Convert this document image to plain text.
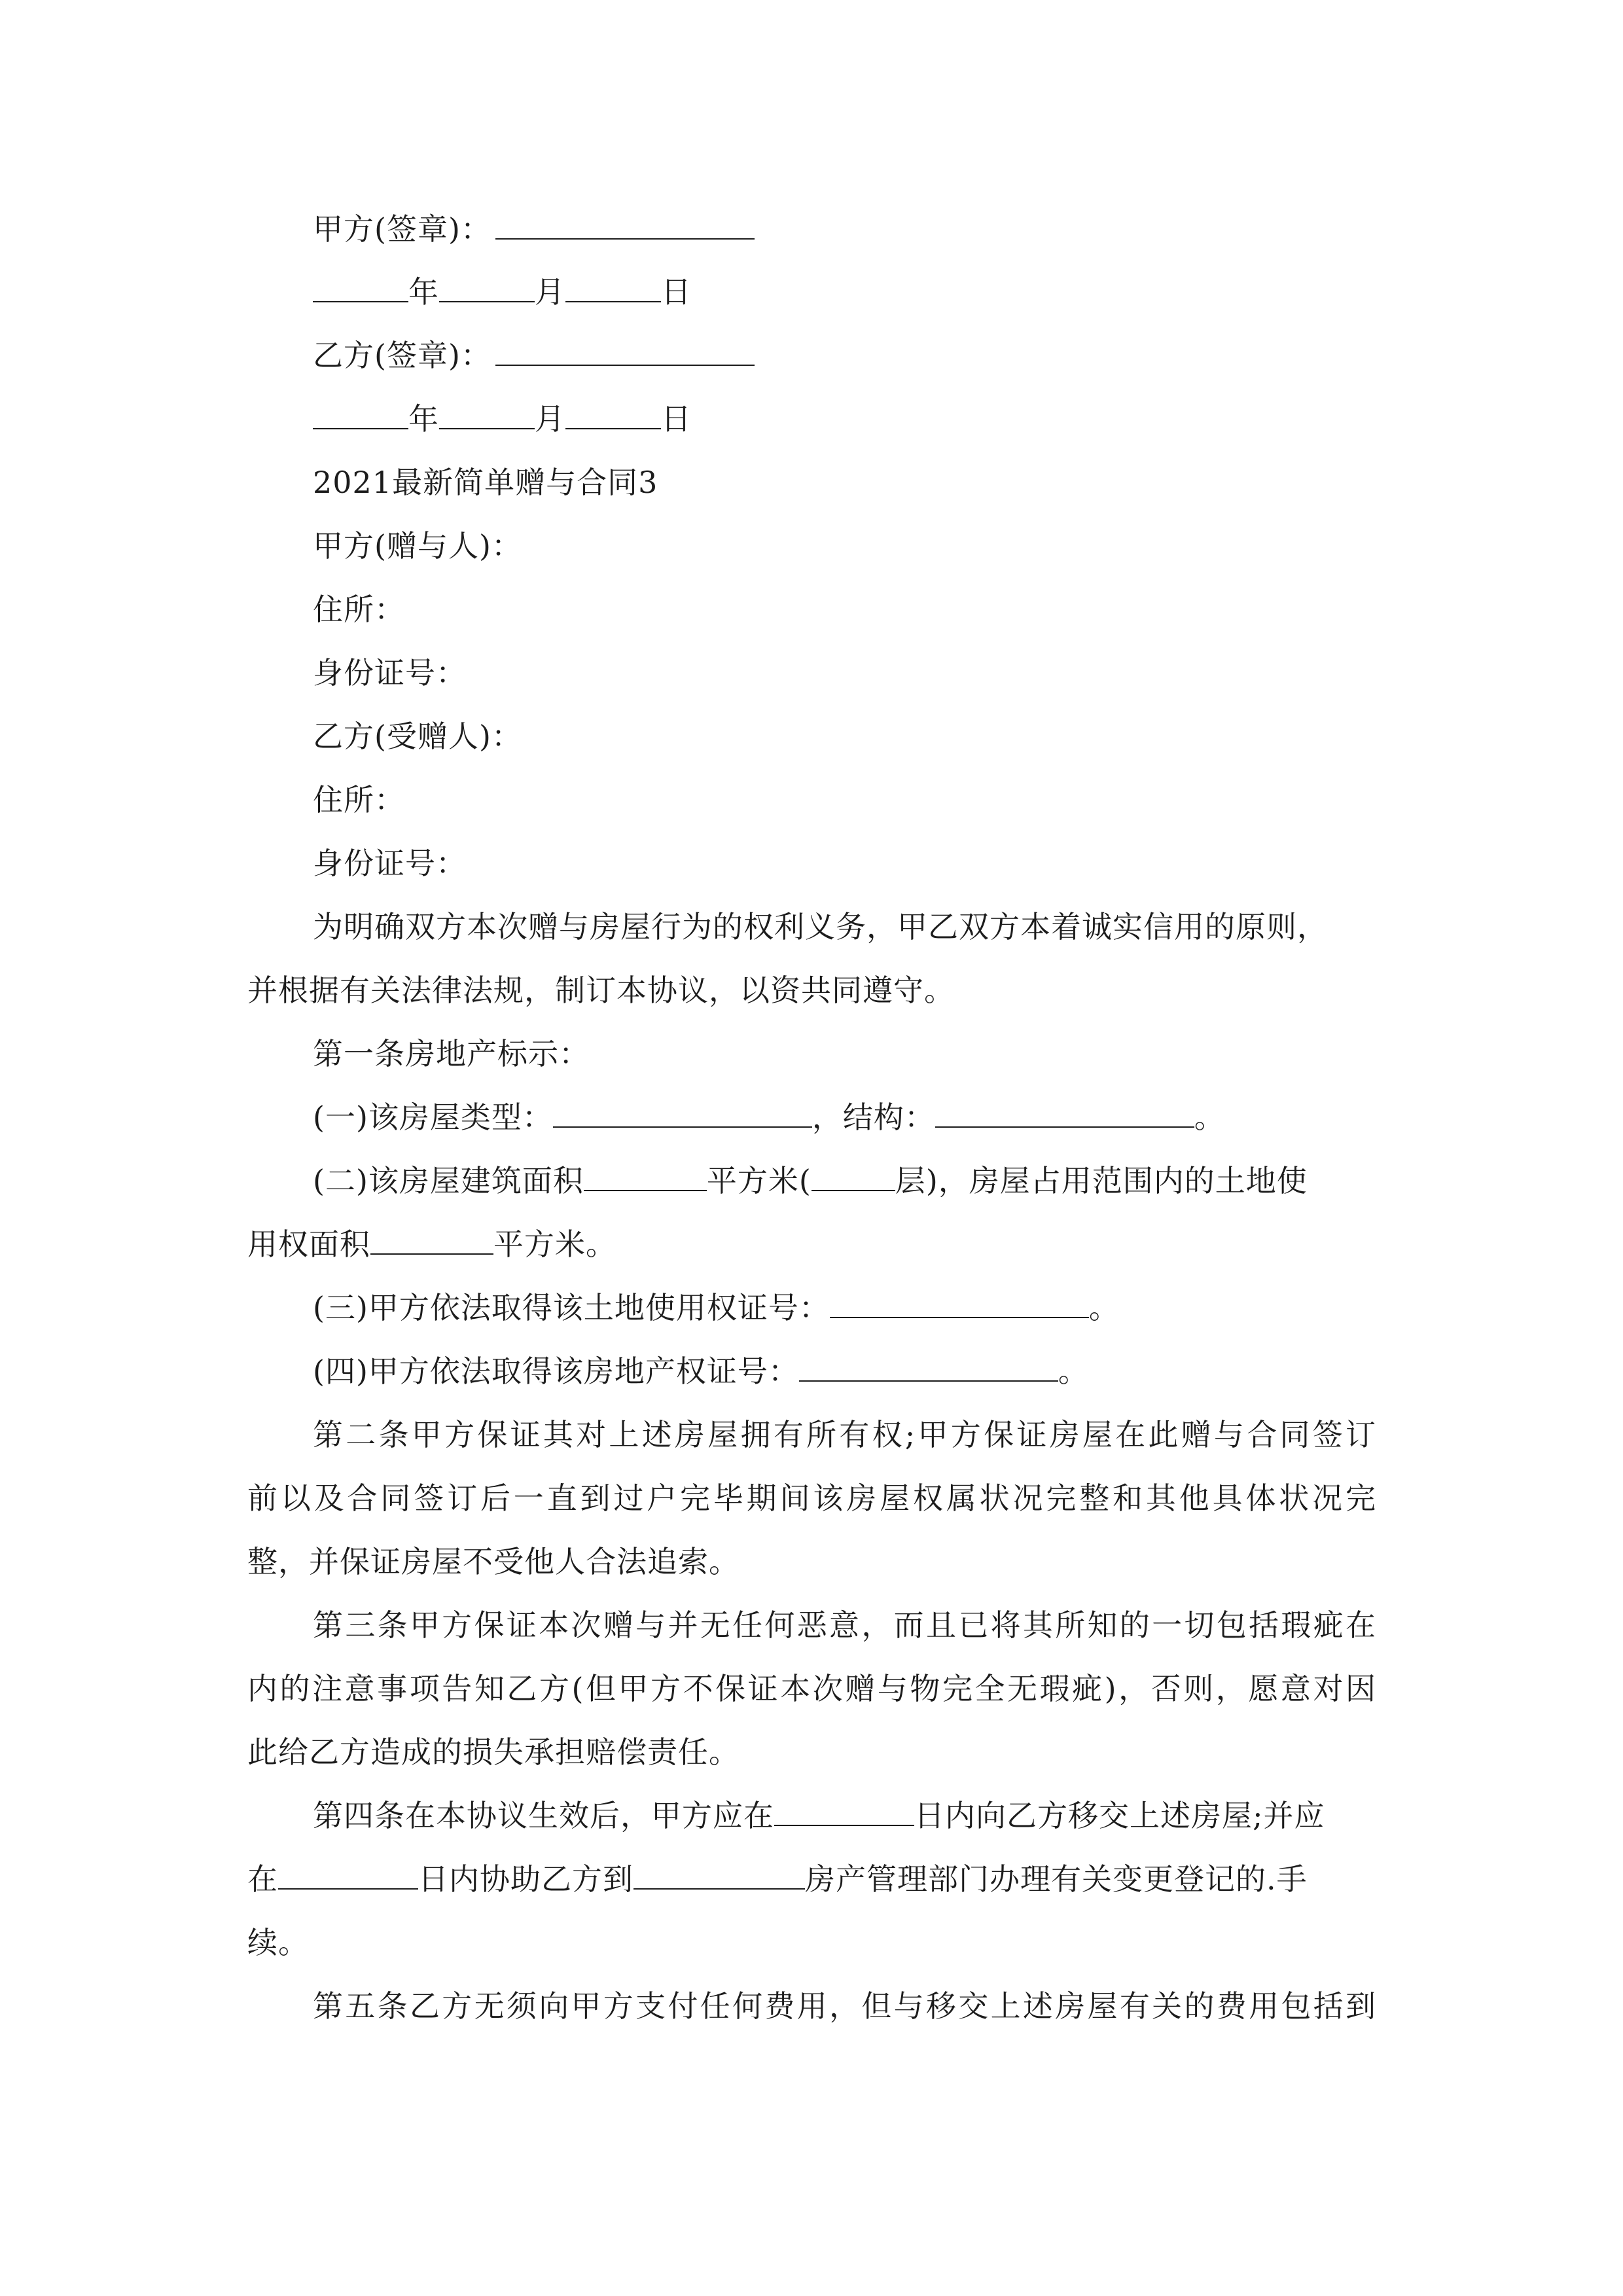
甲方(签章)：
年	月	日
乙方(签章)：
年	月	日
2021最新简单赠与合同3
甲方(赠与人)：
住所：
身份证号：
乙方(受赠人)：
住所：
身份证号：
为明确双方本次赠与房屋行为的权利义务，甲乙双方本着诚实信用的原则，
并根据有关法律法规，制订本协议，以资共同遵守。
第一条房地产标示：
(一)该房屋类型：	，结构：	。
(二)该房屋建筑面积	平方米(	层)，房屋占用范围内的土地使
用权面积	平方米。
(三)甲方依法取得该土地使用权证号：	。
(四)甲方依法取得该房地产权证号：	。
第二条甲方保证其对上述房屋拥有所有权;甲方保证房屋在此赠与合同签订
前以及合同签订后一直到过户完毕期间该房屋权属状况完整和其他具体状况完
整，并保证房屋不受他人合法追索。
第三条甲方保证本次赠与并无任何恶意，而且已将其所知的一切包括瑕疵在
内的注意事项告知乙方(但甲方不保证本次赠与物完全无瑕疵)，否则，愿意对因
此给乙方造成的损失承担赔偿责任。
第四条在本协议生效后，甲方应在	日内向乙方移交上述房屋;并应
在	日内协助乙方到	房产管理部门办理有关变更登记的.手
续。
第五条乙方无须向甲方支付任何费用，但与移交上述房屋有关的费用包括到
